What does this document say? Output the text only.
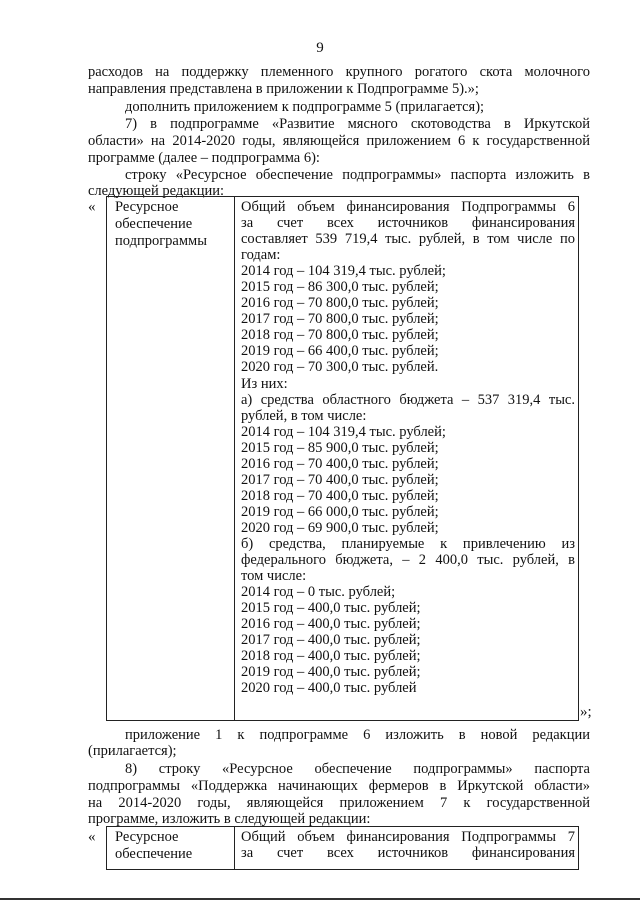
9
расходов на поддержку племенного крупного рогатого скота молочного
направления представлена в приложении к Подпрограмме 5).»;
дополнить приложением к подпрограмме 5 (прилагается);
7) в подпрограмме «Развитие мясного скотоводства в Иркутской
области» на 2014-2020 годы, являющейся приложением 6 к государственной
программе (далее – подпрограмма 6):
строку «Ресурсное обеспечение подпрограммы» паспорта изложить в
следующей редакции:
« Ресурсное
обеспечение
подпрограммы
Общий объем финансирования Подпрограммы 6
за счет всех источников финансирования
составляет 539 719,4 тыс. рублей, в том числе по
годам:
2014 год – 104 319,4 тыс. рублей;
2015 год – 86 300,0 тыс. рублей;
2016 год – 70 800,0 тыс. рублей;
2017 год – 70 800,0 тыс. рублей;
2018 год – 70 800,0 тыс. рублей;
2019 год – 66 400,0 тыс. рублей;
2020 год – 70 300,0 тыс. рублей.
Из них:
а) средства областного бюджета – 537 319,4 тыс.
рублей, в том числе:
2014 год – 104 319,4 тыс. рублей;
2015 год – 85 900,0 тыс. рублей;
2016 год – 70 400,0 тыс. рублей;
2017 год – 70 400,0 тыс. рублей;
2018 год – 70 400,0 тыс. рублей;
2019 год – 66 000,0 тыс. рублей;
2020 год – 69 900,0 тыс. рублей;
б) средства, планируемые к привлечению из
федерального бюджета, – 2 400,0 тыс. рублей, в
том числе:
2014 год – 0 тыс. рублей;
2015 год – 400,0 тыс. рублей;
2016 год – 400,0 тыс. рублей;
2017 год – 400,0 тыс. рублей;
2018 год – 400,0 тыс. рублей;
2019 год – 400,0 тыс. рублей;
2020 год – 400,0 тыс. рублей
»;
приложение 1 к подпрограмме 6 изложить в новой редакции
(прилагается);
8) строку «Ресурсное обеспечение подпрограммы» паспорта
подпрограммы «Поддержка начинающих фермеров в Иркутской области»
на 2014-2020 годы, являющейся приложением 7 к государственной
программе, изложить в следующей редакции:
« Ресурсное
обеспечение
Общий объем финансирования Подпрограммы 7
за счет всех источников финансирования
